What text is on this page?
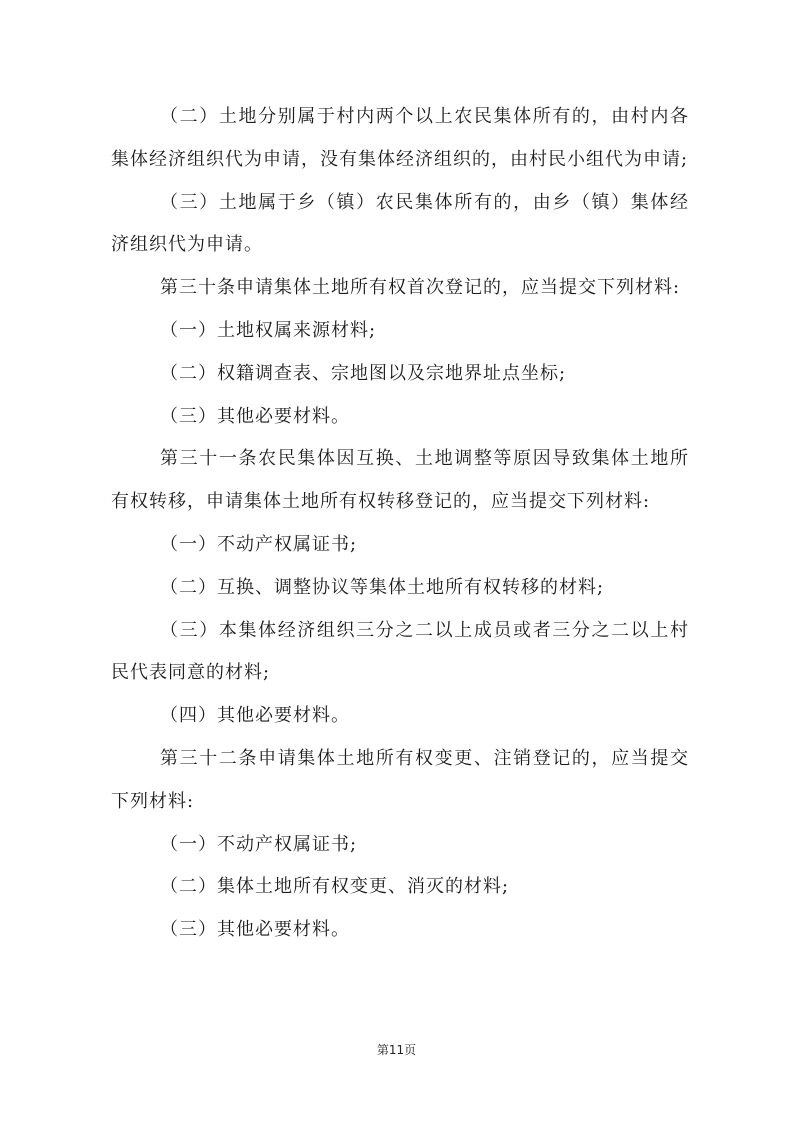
（二）土地分别属于村内两个以上农民集体所有的，由村内各集体经济组织代为申请，没有集体经济组织的，由村民小组代为申请;

（三）土地属于乡（镇）农民集体所有的，由乡（镇）集体经济组织代为申请。

第三十条申请集体土地所有权首次登记的，应当提交下列材料:

（一）土地权属来源材料;

（二）权籍调查表、宗地图以及宗地界址点坐标;

（三）其他必要材料。

第三十一条农民集体因互换、土地调整等原因导致集体土地所有权转移，申请集体土地所有权转移登记的，应当提交下列材料:

（一）不动产权属证书;

（二）互换、调整协议等集体土地所有权转移的材料;

（三）本集体经济组织三分之二以上成员或者三分之二以上村民代表同意的材料;

（四）其他必要材料。

第三十二条申请集体土地所有权变更、注销登记的，应当提交下列材料:

（一）不动产权属证书;

（二）集体土地所有权变更、消灭的材料;

（三）其他必要材料。

第11页
